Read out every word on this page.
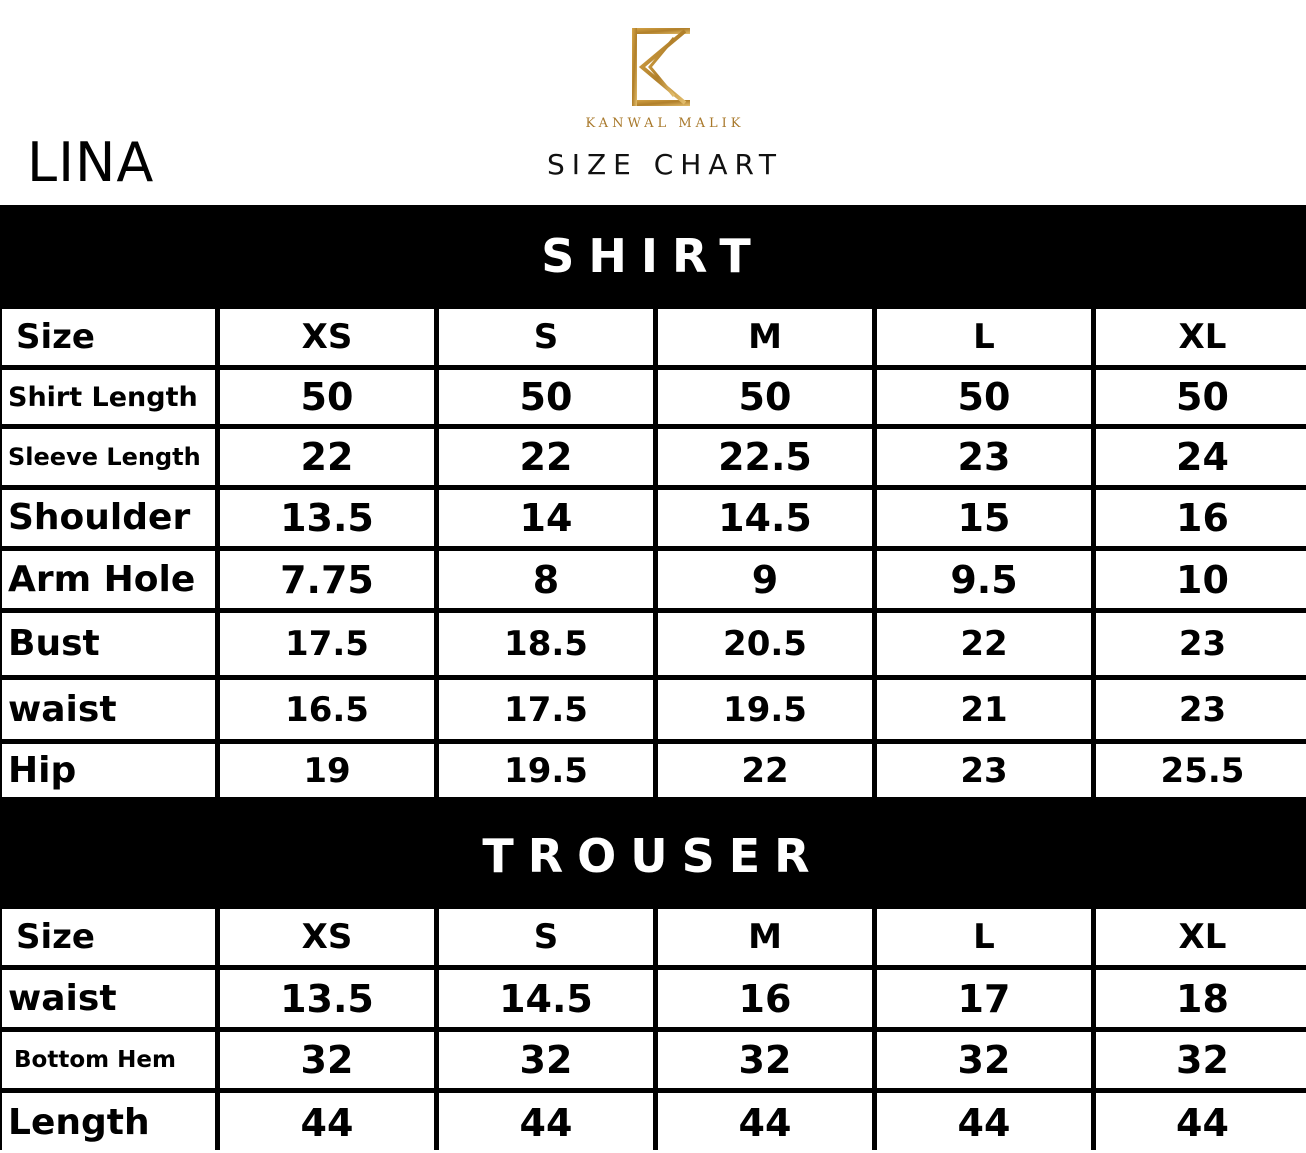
LINA
KANWAL MALIK
SIZE CHART
SHIRT
Size	XS	S	M	L	XL
Shirt Length	50	50	50	50	50
Sleeve Length	22	22	22.5	23	24
Shoulder	13.5	14	14.5	15	16
Arm Hole	7.75	8	9	9.5	10
Bust	17.5	18.5	20.5	22	23
waist	16.5	17.5	19.5	21	23
Hip	19	19.5	22	23	25.5
TROUSER
Size	XS	S	M	L	XL
waist	13.5	14.5	16	17	18
Bottom Hem	32	32	32	32	32
Length	44	44	44	44	44
